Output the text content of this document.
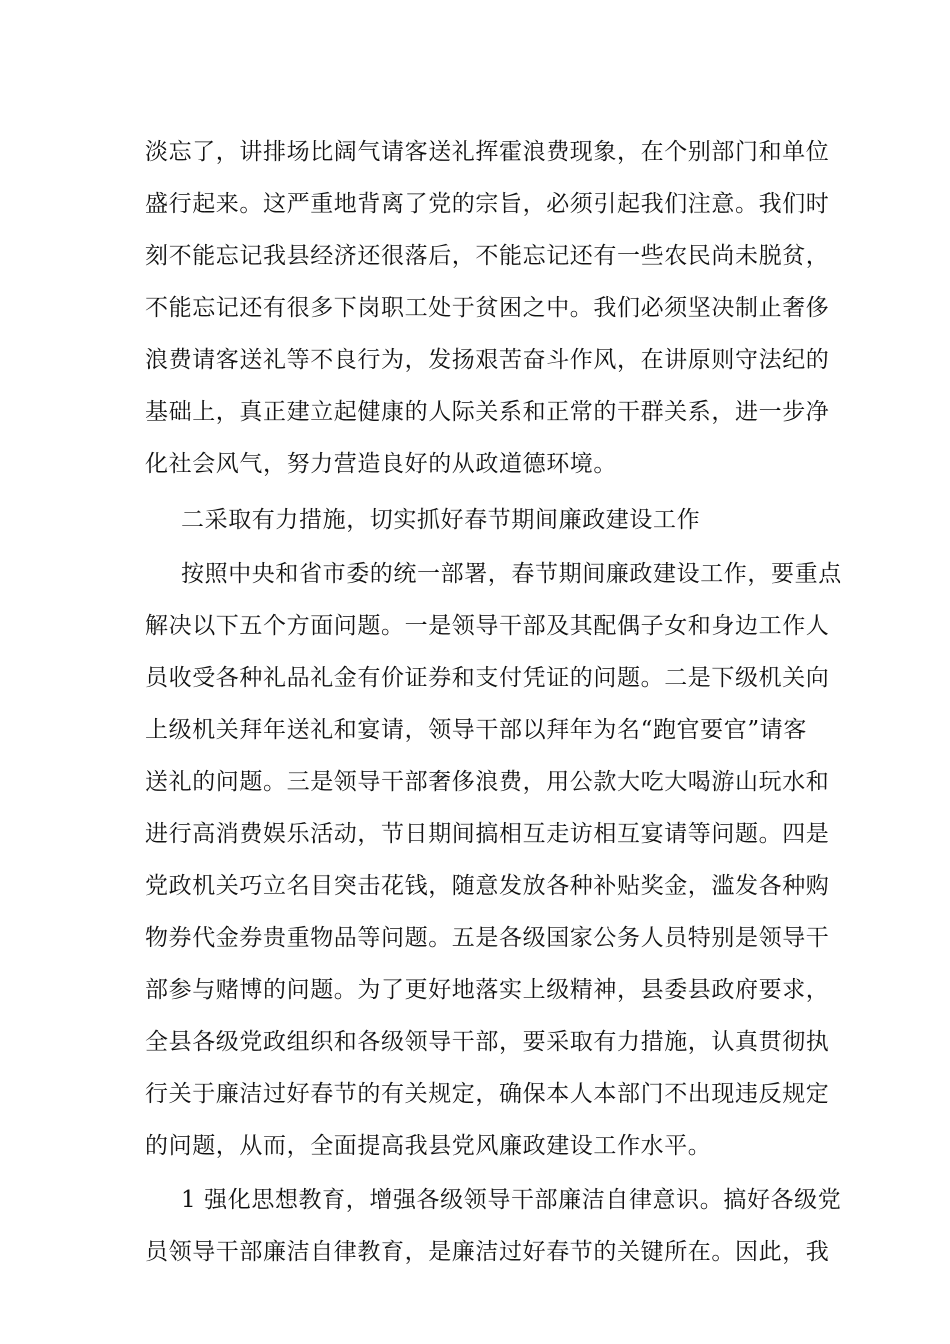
淡忘了，讲排场比阔气请客送礼挥霍浪费现象，在个别部门和单位
盛行起来。这严重地背离了党的宗旨，必须引起我们注意。我们时
刻不能忘记我县经济还很落后，不能忘记还有一些农民尚未脱贫，
不能忘记还有很多下岗职工处于贫困之中。我们必须坚决制止奢侈
浪费请客送礼等不良行为，发扬艰苦奋斗作风，在讲原则守法纪的
基础上，真正建立起健康的人际关系和正常的干群关系，进一步净
化社会风气，努力营造良好的从政道德环境。
二采取有力措施，切实抓好春节期间廉政建设工作
按照中央和省市委的统一部署，春节期间廉政建设工作，要重点
解决以下五个方面问题。一是领导干部及其配偶子女和身边工作人
员收受各种礼品礼金有价证券和支付凭证的问题。二是下级机关向
上级机关拜年送礼和宴请，领导干部以拜年为名“跑官要官”请客
送礼的问题。三是领导干部奢侈浪费，用公款大吃大喝游山玩水和
进行高消费娱乐活动，节日期间搞相互走访相互宴请等问题。四是
党政机关巧立名目突击花钱，随意发放各种补贴奖金，滥发各种购
物券代金券贵重物品等问题。五是各级国家公务人员特别是领导干
部参与赌博的问题。为了更好地落实上级精神，县委县政府要求，
全县各级党政组织和各级领导干部，要采取有力措施，认真贯彻执
行关于廉洁过好春节的有关规定，确保本人本部门不出现违反规定
的问题，从而，全面提高我县党风廉政建设工作水平。
1 强化思想教育，增强各级领导干部廉洁自律意识。搞好各级党
员领导干部廉洁自律教育，是廉洁过好春节的关键所在。因此，我
